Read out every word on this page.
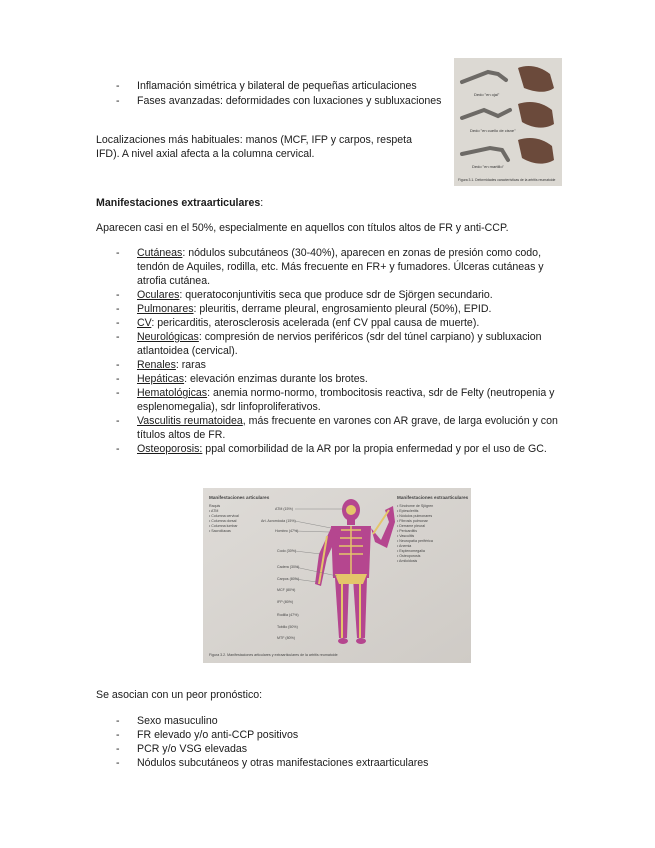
- Inflamación simétrica y bilateral de pequeñas articulaciones
- Fases avanzadas: deformidades con luxaciones y subluxaciones

Localizaciones más habituales: manos (MCF, IFP y carpos, respeta IFD). A nivel axial afecta a la columna cervical.

Dedo "en ojal"
Dedo "en cuello de cisne"
Dedo "en martillo"
Figura 3.1. Deformidades características de la artritis reumatoide
Manifestaciones extraarticulares:

Aparecen casi en el 50%, especialmente en aquellos con títulos altos de FR y anti-CCP.

- Cutáneas: nódulos subcutáneos (30-40%), aparecen en zonas de presión como codo, tendón de Aquiles, rodilla, etc. Más frecuente en FR+ y fumadores. Úlceras cutáneas y atrofia cutánea.
- Oculares: queratoconjuntivitis seca que produce sdr de Sjörgen secundario.
- Pulmonares: pleuritis, derrame pleural, engrosamiento pleural (50%), EPID.
- CV: pericarditis, aterosclerosis acelerada (enf CV ppal causa de muerte).
- Neurológicas: compresión de nervios periféricos (sdr del túnel carpiano) y subluxacion atlantoidea (cervical).
- Renales: raras
- Hepáticas: elevación enzimas durante los brotes.
- Hematológicas: anemia normo-normo, trombocitosis reactiva, sdr de Felty (neutropenia y esplenomegalia), sdr linfoproliferativos.
- Vasculitis reumatoidea, más frecuente en varones con AR grave, de larga evolución y con títulos altos de FR.
- Osteoporosis: ppal comorbilidad de la AR por la propia enfermedad y por el uso de GC.
Manifestaciones articulares
Raquis
• ATM
• Columna cervical
• Columna dorsal
• Columna lumbar
• Sacroilíacas
ATM (15%)
Art. Acromiocla (15%)
Hombro (47%)
Codo (30%)
Cadera (30%)
Carpos (80%)
MCF (80%)
IFP (80%)
Rodilla (47%)
Tobillo (50%)
MTF (80%)
Manifestaciones extraarticulares
• Síndrome de Sjögren
• Epiescleritis
• Nódulos pulmonares
• Fibrosis pulmonar
• Derrame pleural
• Pericarditis
• Vasculitis
• Neuropatía periférica
• Anemia
• Esplenomegalia
• Osteoporosis
• Amiloidosis
Figura 3.2. Manifestaciones articulares y extraarticulares de la artritis reumatoide

Se asocian con un peor pronóstico:

- Sexo masuculino
- FR elevado y/o anti-CCP positivos
- PCR y/o VSG elevadas
- Nódulos subcutáneos y otras manifestaciones extraarticulares
